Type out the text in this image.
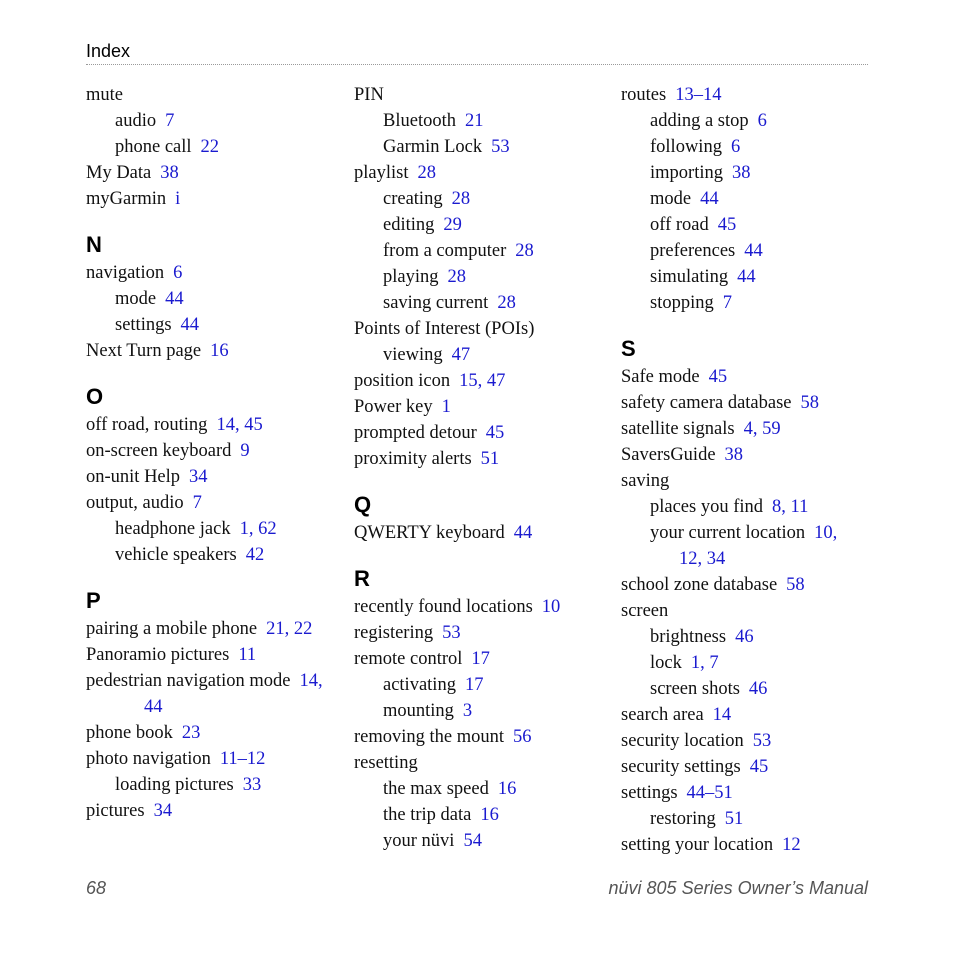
Index
mute
audio 7
phone call 22
My Data 38
myGarmin i
N
navigation 6
mode 44
settings 44
Next Turn page 16
O
off road, routing 14, 45
on-screen keyboard 9
on-unit Help 34
output, audio 7
headphone jack 1, 62
vehicle speakers 42
P
pairing a mobile phone 21, 22
Panoramio pictures 11
pedestrian navigation mode 14,
44
phone book 23
photo navigation 11–12
loading pictures 33
pictures 34
PIN
Bluetooth 21
Garmin Lock 53
playlist 28
creating 28
editing 29
from a computer 28
playing 28
saving current 28
Points of Interest (POIs)
viewing 47
position icon 15, 47
Power key 1
prompted detour 45
proximity alerts 51
Q
QWERTY keyboard 44
R
recently found locations 10
registering 53
remote control 17
activating 17
mounting 3
removing the mount 56
resetting
the max speed 16
the trip data 16
your nüvi 54
routes 13–14
adding a stop 6
following 6
importing 38
mode 44
off road 45
preferences 44
simulating 44
stopping 7
S
Safe mode 45
safety camera database 58
satellite signals 4, 59
SaversGuide 38
saving
places you find 8, 11
your current location 10,
12, 34
school zone database 58
screen
brightness 46
lock 1, 7
screen shots 46
search area 14
security location 53
security settings 45
settings 44–51
restoring 51
setting your location 12
68	nüvi 805 Series Owner’s Manual
